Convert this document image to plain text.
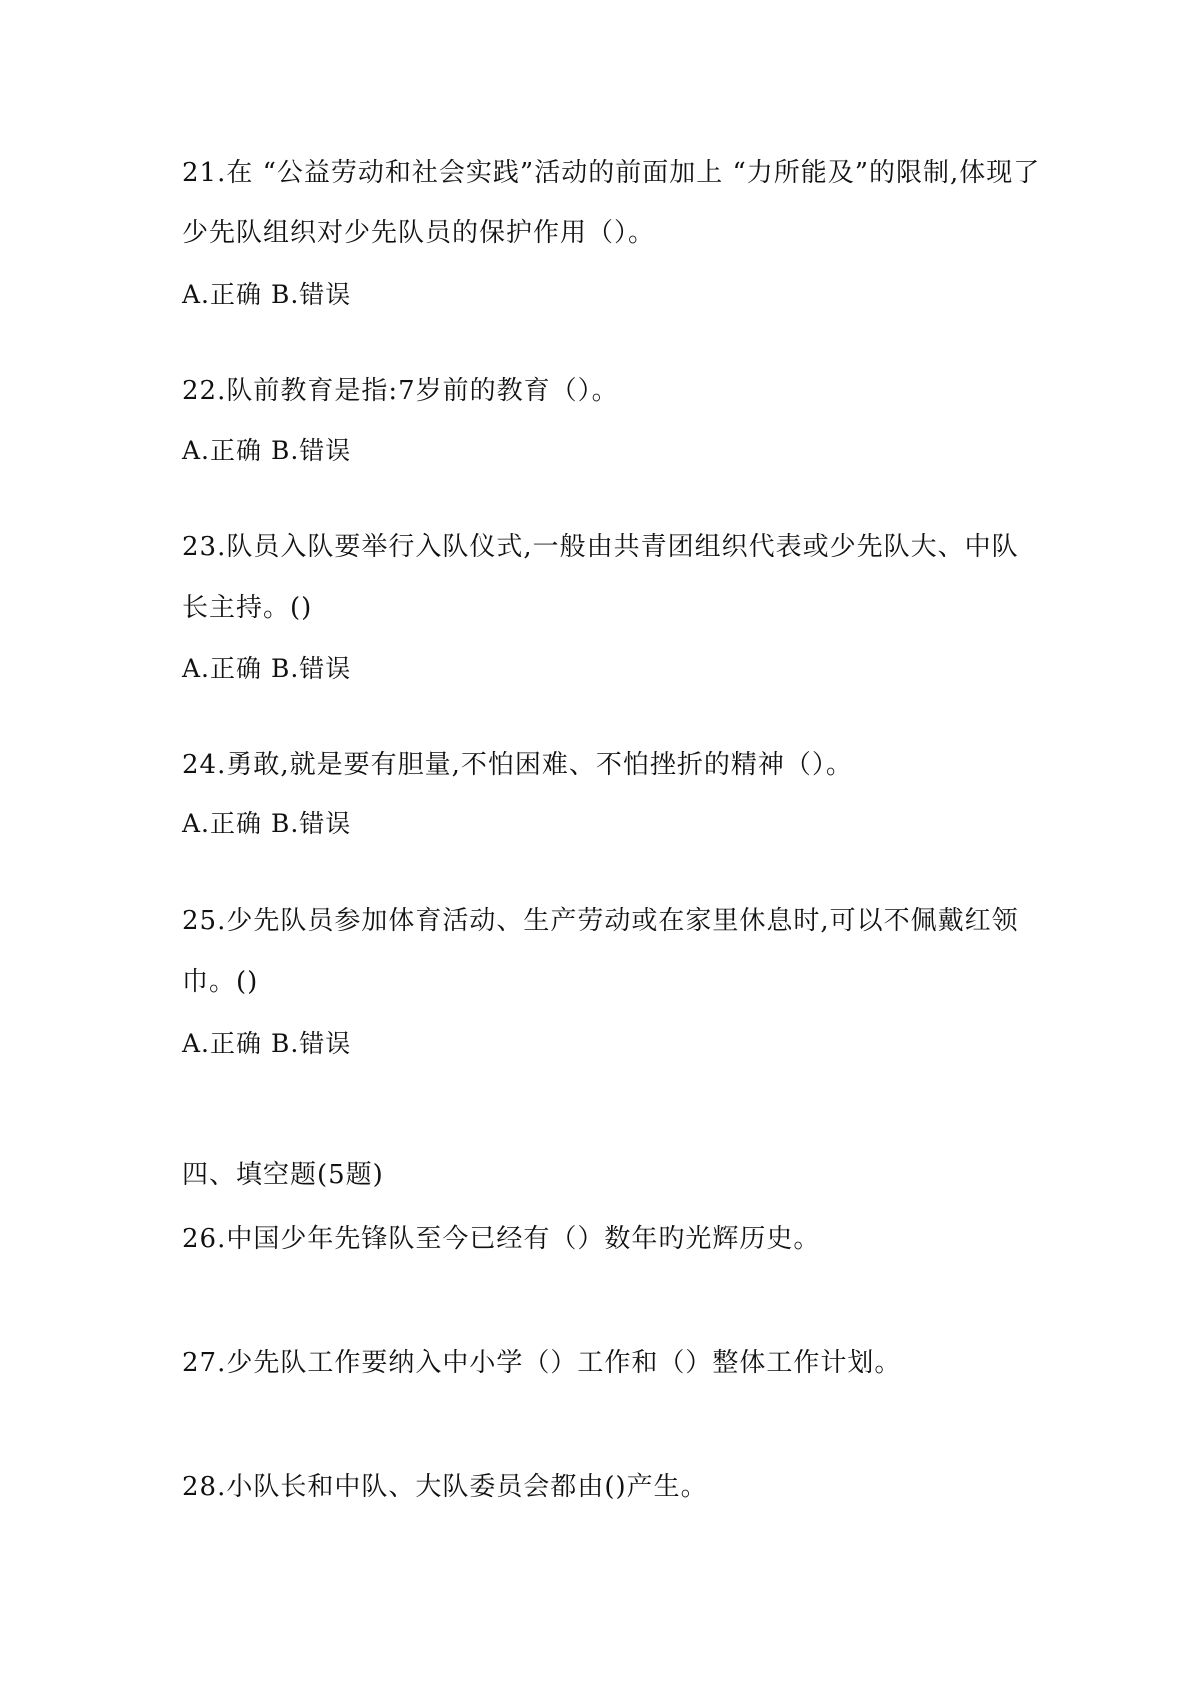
21.在 “公益劳动和社会实践”活动的前面加上 “力所能及”的限制,体现了
少先队组织对少先队员的保护作用（）。
A.正确 B.错误
22.队前教育是指:7岁前的教育（）。
A.正确 B.错误
23.队员入队要举行入队仪式,一般由共青团组织代表或少先队大、中队
长主持。()
A.正确 B.错误
24.勇敢,就是要有胆量,不怕困难、不怕挫折的精神（）。
A.正确 B.错误
25.少先队员参加体育活动、生产劳动或在家里休息时,可以不佩戴红领
巾。()
A.正确 B.错误
四、填空题(5题)
26.中国少年先锋队至今已经有（）数年旳光辉历史。
27.少先队工作要纳入中小学（）工作和（）整体工作计划。
28.小队长和中队、大队委员会都由()产生。
